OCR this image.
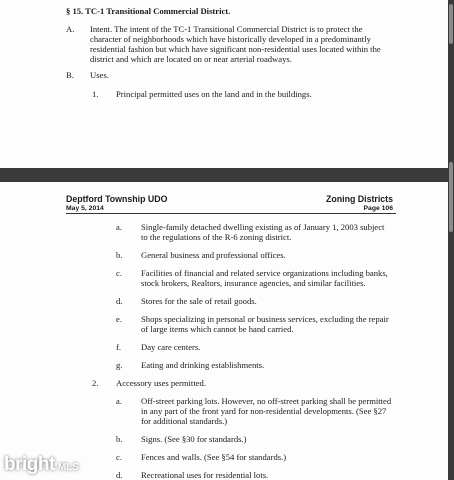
§ 15. TC-1 Transitional Commercial District.
A. Intent. The intent of the TC-1 Transitional Commercial District is to protect the character of neighborhoods which have historically developed in a predominantly residential fashion but which have significant non-residential uses located within the district and which are located on or near arterial roadways.
B. Uses.
1. Principal permitted uses on the land and in the buildings.
Deptford Township UDO	Zoning Districts
May 5, 2014	Page 106
a. Single-family detached dwelling existing as of January 1, 2003 subject to the regulations of the R-6 zoning district.
b. General business and professional offices.
c. Facilities of financial and related service organizations including banks, stock brokers, Realtors, insurance agencies, and similar facilities.
d. Stores for the sale of retail goods.
e. Shops specializing in personal or business services, excluding the repair of large items which cannot be hand carried.
f. Day care centers.
g. Eating and drinking establishments.
2. Accessory uses permitted.
a. Off-street parking lots. However, no off-street parking shall be permitted in any part of the front yard for non-residential developments. (See §27 for additional standards.)
b. Signs. (See §30 for standards.)
c. Fences and walls. (See §54 for standards.)
d. Recreational uses for residential lots.
bright MLS
